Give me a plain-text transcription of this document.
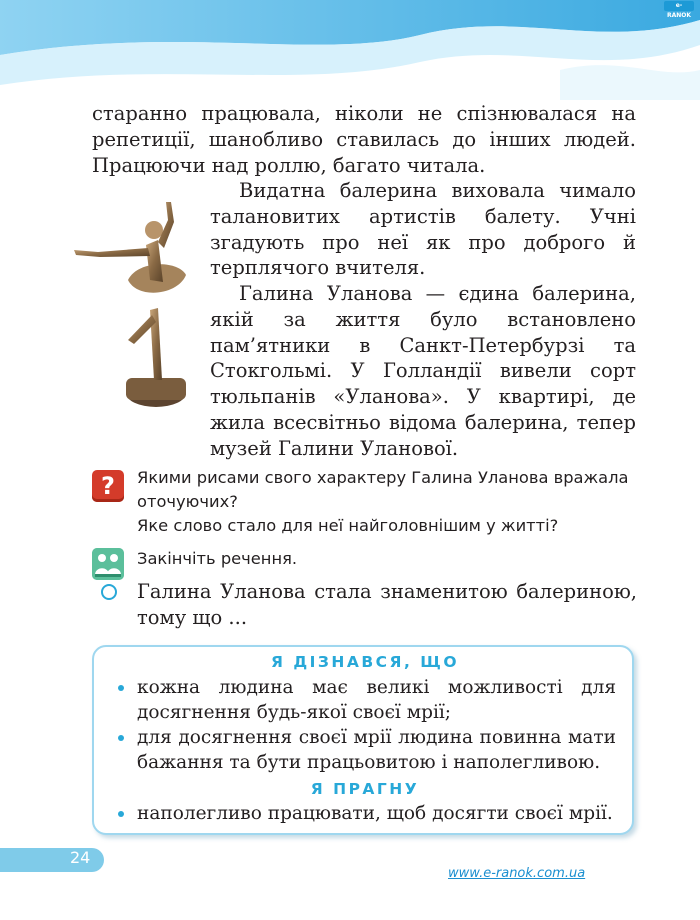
e-RANOK

старанно працювала, ніколи не спізнювалася на репетиції, шанобливо ставилась до інших людей. Працюючи над роллю, багато читала.

Видатна балерина виховала чимало талановитих артистів балету. Учні згадують про неї як про доброго й терплячого вчителя.

Галина Уланова — єдина балерина, якій за життя було встановлено пам’ятники в Санкт-Петербурзі та Стокгольмі. У Голландії вивели сорт тюльпанів «Уланова». У квартирі, де жила всесвітньо відома балерина, тепер музей Галини Уланової.

?	Якими рисами свого характеру Галина Уланова вражала оточуючих?
Яке слово стало для неї найголовнішим у житті?
Закінчіть речення.

Галина Уланова стала знаменитою балериною, тому що ...

Я ДІЗНАВСЯ, ЩО
кожна людина має великі можливості для досягнення будь-якої своєї мрії;
для досягнення своєї мрії людина повинна мати бажання та бути працьовитою і наполегливою.
Я ПРАГНУ
наполегливо працювати, щоб досягти своєї мрії.
24
www.e-ranok.com.ua
